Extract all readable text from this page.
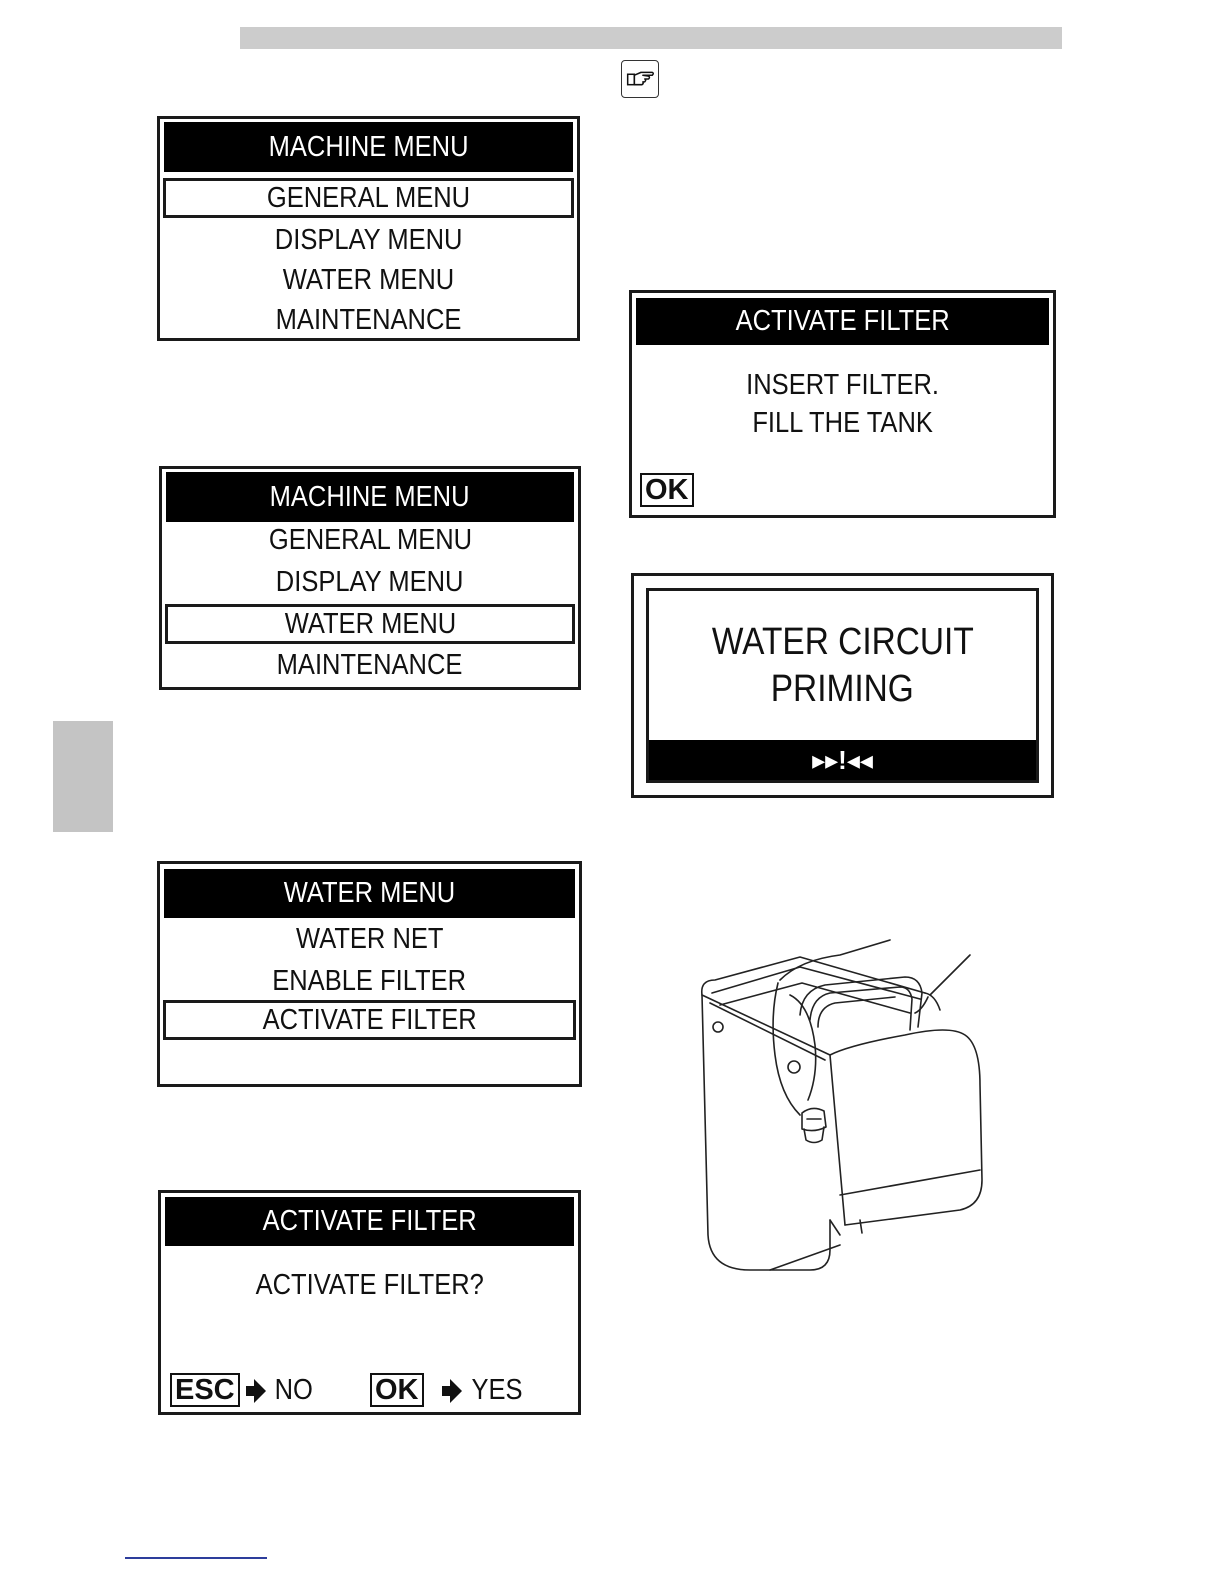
MACHINE MENU
GENERAL MENU
DISPLAY MENU
WATER MENU
MAINTENANCE
MACHINE MENU
GENERAL MENU
DISPLAY MENU
WATER MENU
MAINTENANCE
WATER MENU
WATER NET
ENABLE FILTER
ACTIVATE FILTER
ACTIVATE FILTER
ACTIVATE FILTER?
ESC NO OK YES
ACTIVATE FILTER
INSERT FILTER.
FILL THE TANK
OK
WATER CIRCUIT
PRIMING
▸▸!◂◂
